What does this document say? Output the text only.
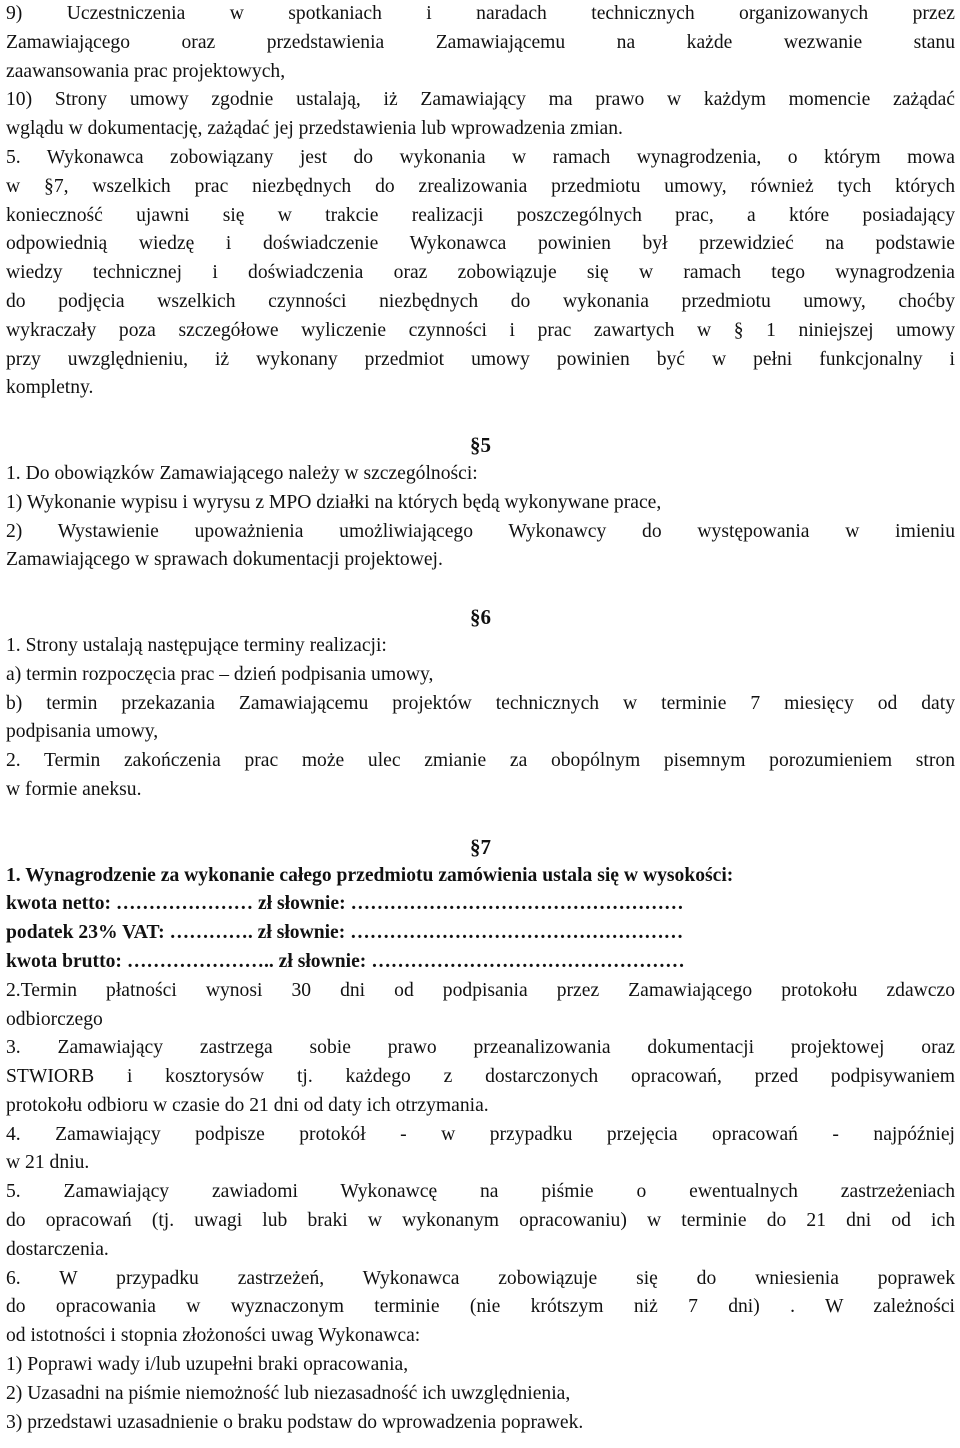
9) Uczestniczenia w spotkaniach i naradach technicznych organizowanych przez
Zamawiającego oraz przedstawienia Zamawiającemu na każde wezwanie stanu
zaawansowania prac projektowych,
10) Strony umowy zgodnie ustalają, iż Zamawiający ma prawo w każdym momencie zażądać
wglądu w dokumentację, zażądać jej przedstawienia lub wprowadzenia zmian.
5. Wykonawca zobowiązany jest do wykonania w ramach wynagrodzenia, o którym mowa
w §7, wszelkich prac niezbędnych do zrealizowania przedmiotu umowy, również tych których
konieczność ujawni się w trakcie realizacji poszczególnych prac, a które posiadający
odpowiednią wiedzę i doświadczenie Wykonawca powinien był przewidzieć na podstawie
wiedzy technicznej i doświadczenia oraz zobowiązuje się w ramach tego wynagrodzenia
do podjęcia wszelkich czynności niezbędnych do wykonania przedmiotu umowy, choćby
wykraczały poza szczegółowe wyliczenie czynności i prac zawartych w § 1 niniejszej umowy
przy uwzględnieniu, iż wykonany przedmiot umowy powinien być w pełni funkcjonalny i
kompletny.
§5
1. Do obowiązków Zamawiającego należy w szczególności:
1) Wykonanie wypisu i wyrysu z MPO działki na których będą wykonywane prace,
2) Wystawienie upoważnienia umożliwiającego Wykonawcy do występowania w imieniu
Zamawiającego w sprawach dokumentacji projektowej.
§6
1. Strony ustalają następujące terminy realizacji:
a) termin rozpoczęcia prac – dzień podpisania umowy,
b) termin przekazania Zamawiającemu projektów technicznych w terminie 7 miesięcy od daty
podpisania umowy,
2. Termin zakończenia prac może ulec zmianie za obopólnym pisemnym porozumieniem stron
w formie aneksu.
§7
1. Wynagrodzenie za wykonanie całego przedmiotu zamówienia ustala się w wysokości:
kwota netto: ………………… zł słownie: ……………………………………………
podatek 23% VAT: …………. zł słownie: ……………………………………………
kwota brutto: ………………….. zł słownie: …………………………………………
2.Termin płatności wynosi 30 dni od podpisania przez Zamawiającego protokołu zdawczo
odbiorczego
3. Zamawiający zastrzega sobie prawo przeanalizowania dokumentacji projektowej oraz
STWIORB i kosztorysów tj. każdego z dostarczonych opracowań, przed podpisywaniem
protokołu odbioru w czasie do 21 dni od daty ich otrzymania.
4. Zamawiający podpisze protokół - w przypadku przejęcia opracowań - najpóźniej
w 21 dniu.
5. Zamawiający zawiadomi Wykonawcę na piśmie o ewentualnych zastrzeżeniach
do opracowań (tj. uwagi lub braki w wykonanym opracowaniu) w terminie do 21 dni od ich
dostarczenia.
6. W przypadku zastrzeżeń, Wykonawca zobowiązuje się do wniesienia poprawek
do opracowania w wyznaczonym terminie (nie krótszym niż 7 dni) . W zależności
od istotności i stopnia złożoności uwag Wykonawca:
1) Poprawi wady i/lub uzupełni braki opracowania,
2) Uzasadni na piśmie niemożność lub niezasadność ich uwzględnienia,
3) przedstawi uzasadnienie o braku podstaw do wprowadzenia poprawek.
